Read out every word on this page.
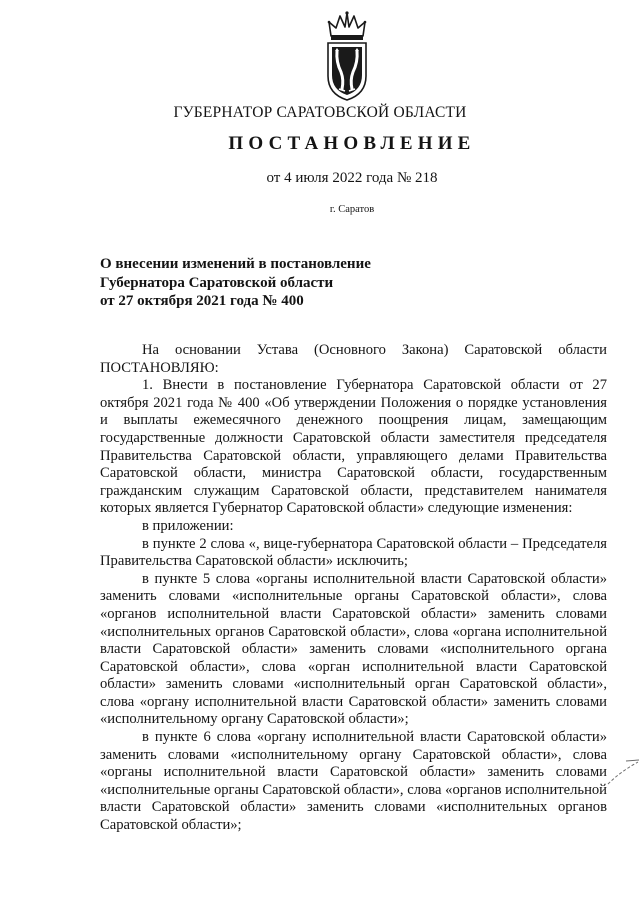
ГУБЕРНАТОР САРАТОВСКОЙ ОБЛАСТИ
ПОСТАНОВЛЕНИЕ
от 4 июля 2022 года № 218
г. Саратов
О внесении изменений в постановление
Губернатора Саратовской области
от 27 октября 2021 года № 400

На основании Устава (Основного Закона) Саратовской области

ПОСТАНОВЛЯЮ:

1. Внести в постановление Губернатора Саратовской области от 27 октября 2021 года № 400 «Об утверждении Положения о порядке установления и выплаты ежемесячного денежного поощрения лицам, замещающим государственные должности Саратовской области заместителя председателя Правительства Саратовской области, управляющего делами Правительства Саратовской области, министра Саратовской области, государственным гражданским служащим Саратовской области, представителем нанимателя которых является Губернатор Саратовской области» следующие изменения:

в приложении:

в пункте 2 слова «, вице-губернатора Саратовской области – Председателя Правительства Саратовской области» исключить;

в пункте 5 слова «органы исполнительной власти Саратовской области» заменить словами «исполнительные органы Саратовской области», слова «органов исполнительной власти Саратовской области» заменить словами «исполнительных органов Саратовской области», слова «органа исполнительной власти Саратовской области» заменить словами «исполнительного органа Саратовской области», слова «орган исполнительной власти Саратовской области» заменить словами «исполнительный орган Саратовской области», слова «органу исполнительной власти Саратовской области» заменить словами «исполнительному органу Саратовской области»;

в пункте 6 слова «органу исполнительной власти Саратовской области» заменить словами «исполнительному органу Саратовской области», слова «органы исполнительной власти Саратовской области» заменить словами «исполнительные органы Саратовской области», слова «органов исполнительной власти Саратовской области» заменить словами «исполнительных органов Саратовской области»;
